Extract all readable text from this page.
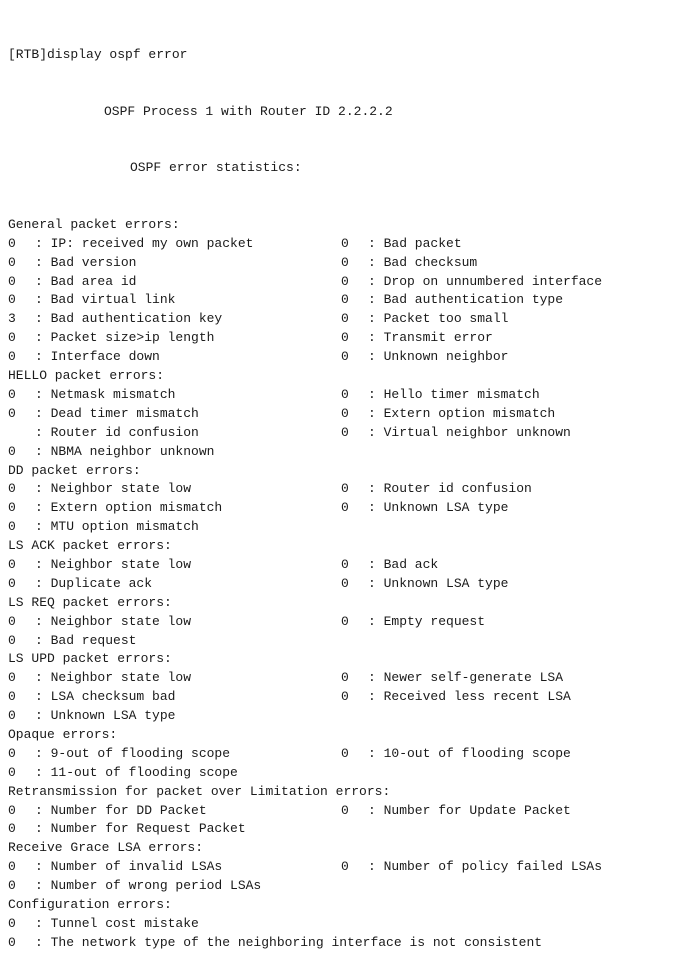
[RTB]display ospf error

OSPF Process 1 with Router ID 2.2.2.2

OSPF error statistics:

General packet errors:
0 : IP: received my own packet	0 : Bad packet
0 : Bad version	0 : Bad checksum
0 : Bad area id	0 : Drop on unnumbered interface
0 : Bad virtual link	0 : Bad authentication type
3 : Bad authentication key	0 : Packet too small
0 : Packet size>ip length	0 : Transmit error
0 : Interface down	0 : Unknown neighbor
HELLO packet errors:
0 : Netmask mismatch	0 : Hello timer mismatch
0 : Dead timer mismatch	0 : Extern option mismatch
: Router id confusion	0 : Virtual neighbor unknown
0 : NBMA neighbor unknown
DD packet errors:
0 : Neighbor state low	0 : Router id confusion
0 : Extern option mismatch	0 : Unknown LSA type
0 : MTU option mismatch
LS ACK packet errors:
0 : Neighbor state low	0 : Bad ack
0 : Duplicate ack	0 : Unknown LSA type
LS REQ packet errors:
0 : Neighbor state low	0 : Empty request
0 : Bad request
LS UPD packet errors:
0 : Neighbor state low	0 : Newer self-generate LSA
0 : LSA checksum bad	0 : Received less recent LSA
0 : Unknown LSA type
Opaque errors:
0 : 9-out of flooding scope	0 : 10-out of flooding scope
0 : 11-out of flooding scope
Retransmission for packet over Limitation errors:
0 : Number for DD Packet	0 : Number for Update Packet
0 : Number for Request Packet
Receive Grace LSA errors:
0 : Number of invalid LSAs	0 : Number of policy failed LSAs
0 : Number of wrong period LSAs
Configuration errors:
0 : Tunnel cost mistake
0 : The network type of the neighboring interface is not consistent
